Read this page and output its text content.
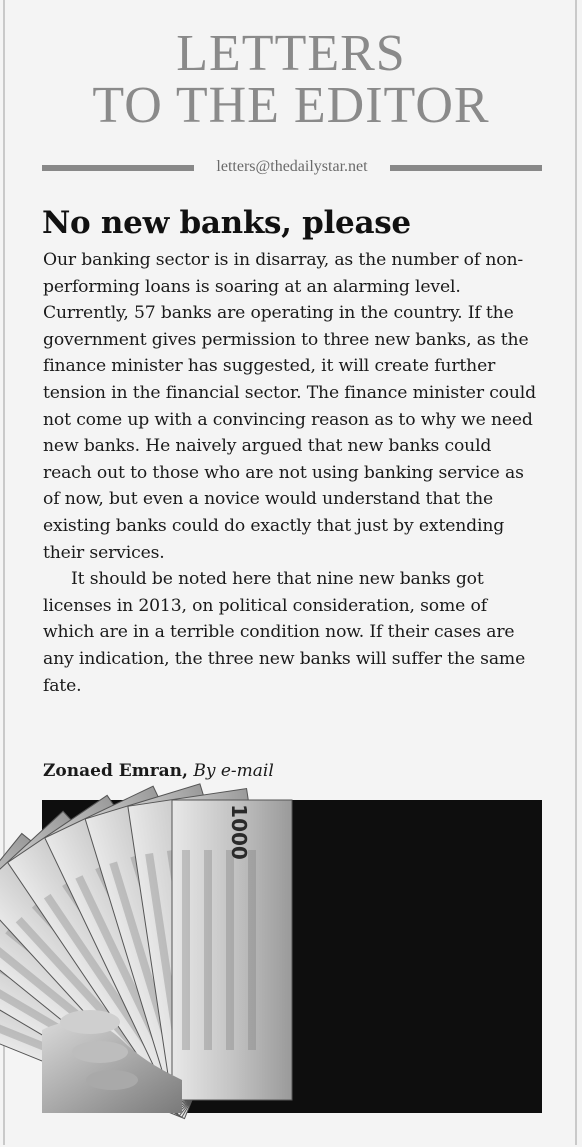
LETTERS
TO THE EDITOR
letters@thedailystar.net
No new banks, please

Our banking sector is in disarray, as the number of non-performing loans is soaring at an alarming level. Currently, 57 banks are operating in the country. If the government gives permission to three new banks, as the finance minister has suggested, it will create further tension in the financial sector. The finance minister could not come up with a convincing reason as to why we need new banks. He naively argued that new banks could reach out to those who are not using banking service as of now, but even a novice would understand that the existing banks could do exactly that just by extending their services.

It should be noted here that nine new banks got licenses in 2013, on political consideration, some of which are in a terrible condition now. If their cases are any indication, the three new banks will suffer the same fate.

Zonaed Emran, By e-mail
1000
